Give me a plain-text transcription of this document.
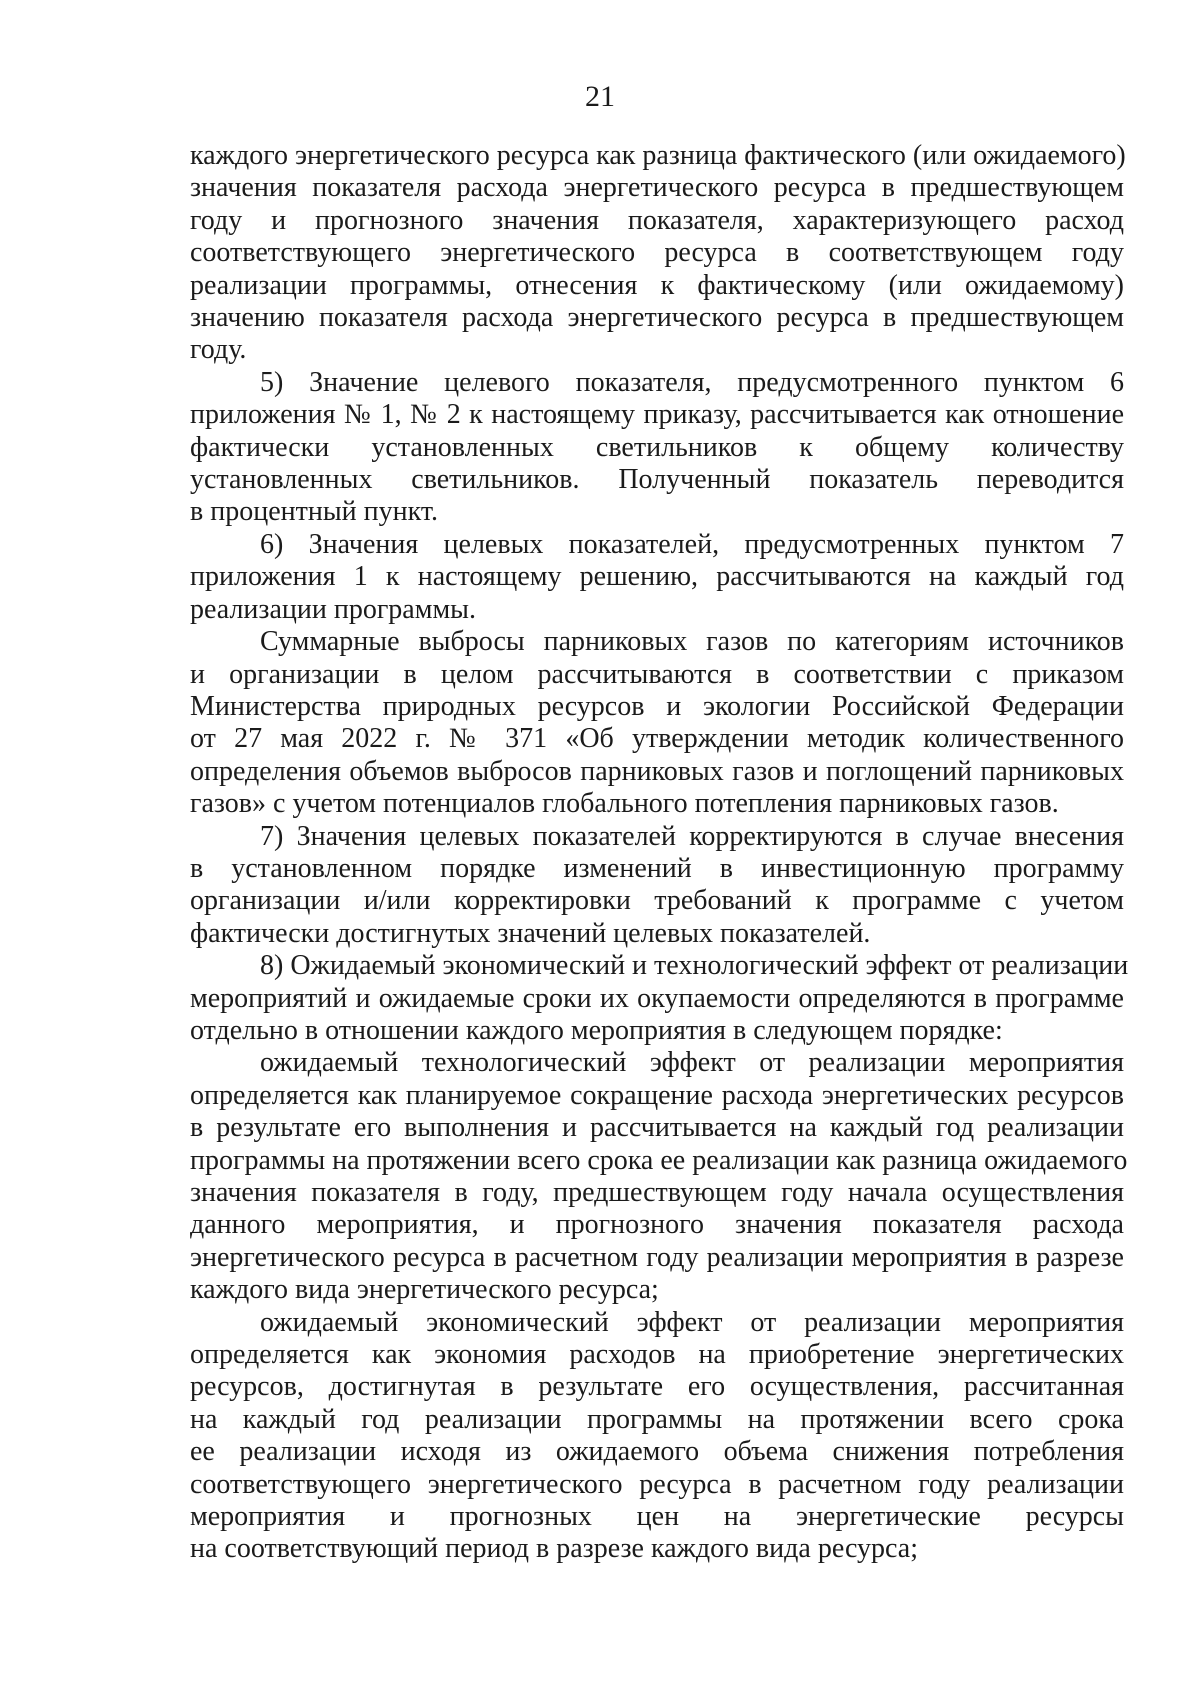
21
каждого энергетического ресурса как разница фактического (или ожидаемого)
значения показателя расхода энергетического ресурса в предшествующем
году и прогнозного значения показателя, характеризующего расход
соответствующего энергетического ресурса в соответствующем году
реализации программы, отнесения к фактическому (или ожидаемому)
значению показателя расхода энергетического ресурса в предшествующем
году.
5) Значение целевого показателя, предусмотренного пунктом 6
приложения № 1, № 2 к настоящему приказу, рассчитывается как отношение
фактически установленных светильников к общему количеству
установленных светильников. Полученный показатель переводится
в процентный пункт.
6) Значения целевых показателей, предусмотренных пунктом 7
приложения 1 к настоящему решению, рассчитываются на каждый год
реализации программы.
Суммарные выбросы парниковых газов по категориям источников
и организации в целом рассчитываются в соответствии с приказом
Министерства природных ресурсов и экологии Российской Федерации
от 27 мая 2022 г. № 371 «Об утверждении методик количественного
определения объемов выбросов парниковых газов и поглощений парниковых
газов» с учетом потенциалов глобального потепления парниковых газов.
7) Значения целевых показателей корректируются в случае внесения
в установленном порядке изменений в инвестиционную программу
организации и/или корректировки требований к программе с учетом
фактически достигнутых значений целевых показателей.
8) Ожидаемый экономический и технологический эффект от реализации
мероприятий и ожидаемые сроки их окупаемости определяются в программе
отдельно в отношении каждого мероприятия в следующем порядке:
ожидаемый технологический эффект от реализации мероприятия
определяется как планируемое сокращение расхода энергетических ресурсов
в результате его выполнения и рассчитывается на каждый год реализации
программы на протяжении всего срока ее реализации как разница ожидаемого
значения показателя в году, предшествующем году начала осуществления
данного мероприятия, и прогнозного значения показателя расхода
энергетического ресурса в расчетном году реализации мероприятия в разрезе
каждого вида энергетического ресурса;
ожидаемый экономический эффект от реализации мероприятия
определяется как экономия расходов на приобретение энергетических
ресурсов, достигнутая в результате его осуществления, рассчитанная
на каждый год реализации программы на протяжении всего срока
ее реализации исходя из ожидаемого объема снижения потребления
соответствующего энергетического ресурса в расчетном году реализации
мероприятия и прогнозных цен на энергетические ресурсы
на соответствующий период в разрезе каждого вида ресурса;
